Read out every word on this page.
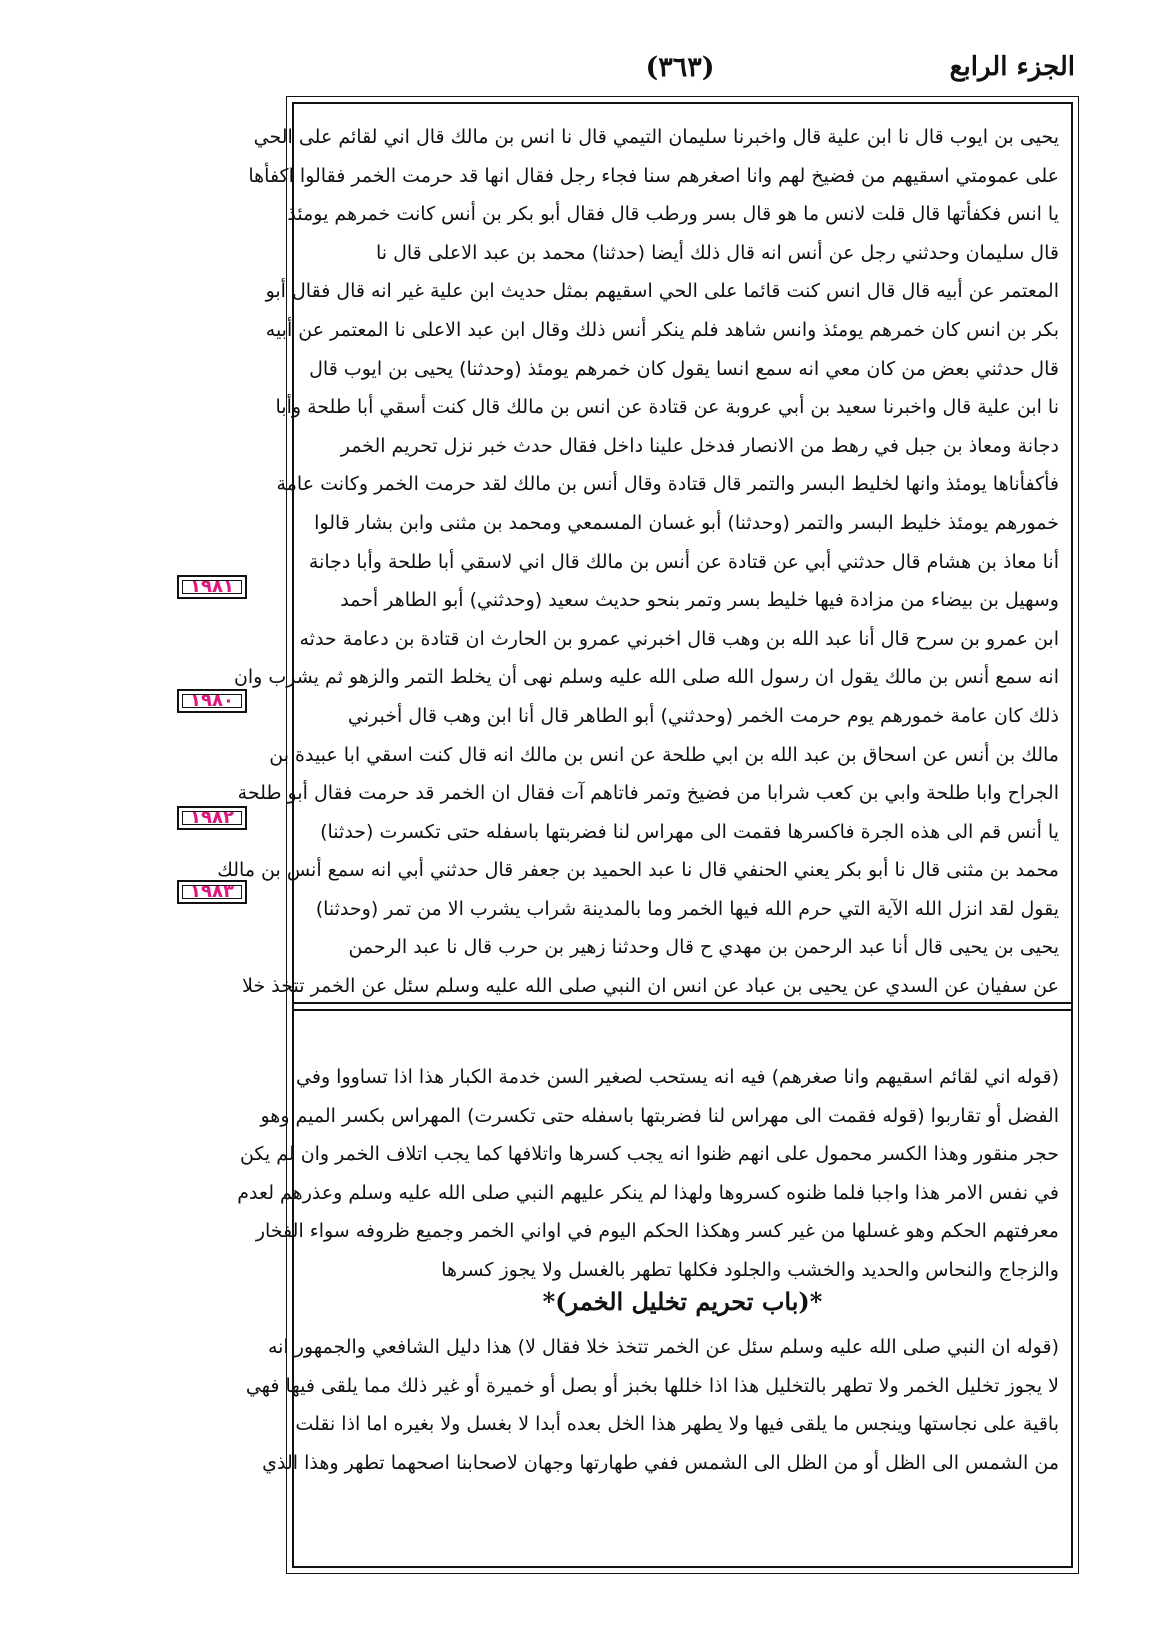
الجزء الرابع
(٣٦٣)
١٩٨١
١٩٨٠
١٩٨٢
١٩٨٣
يحيى بن ايوب قال نا ابن علية قال واخبرنا سليمان التيمي قال نا انس بن مالك قال اني لقائم على الحي
على عمومتي اسقيهم من فضيخ لهم وانا اصغرهم سنا فجاء رجل فقال انها قد حرمت الخمر فقالوا اكفأها
يا انس فكفأتها قال قلت لانس ما هو قال بسر ورطب قال فقال أبو بكر بن أنس كانت خمرهم يومئذ
قال سليمان وحدثني رجل عن أنس انه قال ذلك أيضا (حدثنا) محمد بن عبد الاعلى قال نا
المعتمر عن أبيه قال قال انس كنت قائما على الحي اسقيهم بمثل حديث ابن علية غير انه قال فقال أبو
بكر بن انس كان خمرهم يومئذ وانس شاهد فلم ينكر أنس ذلك وقال ابن عبد الاعلى نا المعتمر عن أبيه
قال حدثني بعض من كان معي انه سمع انسا يقول كان خمرهم يومئذ (وحدثنا) يحيى بن ايوب قال
نا ابن علية قال واخبرنا سعيد بن أبي عروبة عن قتادة عن انس بن مالك قال كنت أسقي أبا طلحة وأبا
دجانة ومعاذ بن جبل في رهط من الانصار فدخل علينا داخل فقال حدث خبر نزل تحريم الخمر
فأكفأناها يومئذ وانها لخليط البسر والتمر قال قتادة وقال أنس بن مالك لقد حرمت الخمر وكانت عامة
خمورهم يومئذ خليط البسر والتمر (وحدثنا) أبو غسان المسمعي ومحمد بن مثنى وابن بشار قالوا
أنا معاذ بن هشام قال حدثني أبي عن قتادة عن أنس بن مالك قال اني لاسقي أبا طلحة وأبا دجانة
وسهيل بن بيضاء من مزادة فيها خليط بسر وتمر بنحو حديث سعيد (وحدثني) أبو الطاهر أحمد
ابن عمرو بن سرح قال أنا عبد الله بن وهب قال اخبرني عمرو بن الحارث ان قتادة بن دعامة حدثه
انه سمع أنس بن مالك يقول ان رسول الله صلى الله عليه وسلم نهى أن يخلط التمر والزهو ثم يشرب وان
ذلك كان عامة خمورهم يوم حرمت الخمر (وحدثني) أبو الطاهر قال أنا ابن وهب قال أخبرني
مالك بن أنس عن اسحاق بن عبد الله بن ابي طلحة عن انس بن مالك انه قال كنت اسقي ابا عبيدة بن
الجراح وابا طلحة وابي بن كعب شرابا من فضيخ وتمر فاتاهم آت فقال ان الخمر قد حرمت فقال أبو طلحة
يا أنس قم الى هذه الجرة فاكسرها فقمت الى مهراس لنا فضربتها باسفله حتى تكسرت (حدثنا)
محمد بن مثنى قال نا أبو بكر يعني الحنفي قال نا عبد الحميد بن جعفر قال حدثني أبي انه سمع أنس بن مالك
يقول لقد انزل الله الآية التي حرم الله فيها الخمر وما بالمدينة شراب يشرب الا من تمر (وحدثنا)
يحيى بن يحيى قال أنا عبد الرحمن بن مهدي ح قال وحدثنا زهير بن حرب قال نا عبد الرحمن
عن سفيان عن السدي عن يحيى بن عباد عن انس ان النبي صلى الله عليه وسلم سئل عن الخمر تتخذ خلا
(قوله اني لقائم اسقيهم وانا صغرهم) فيه انه يستحب لصغير السن خدمة الكبار هذا اذا تساووا وفي
الفضل أو تقاربوا (قوله فقمت الى مهراس لنا فضربتها باسفله حتى تكسرت) المهراس بكسر الميم وهو
حجر منقور وهذا الكسر محمول على انهم ظنوا انه يجب كسرها واتلافها كما يجب اتلاف الخمر وان لم يكن
في نفس الامر هذا واجبا فلما ظنوه كسروها ولهذا لم ينكر عليهم النبي صلى الله عليه وسلم وعذرهم لعدم
معرفتهم الحكم وهو غسلها من غير كسر وهكذا الحكم اليوم في اواني الخمر وجميع ظروفه سواء الفخار
والزجاج والنحاس والحديد والخشب والجلود فكلها تطهر بالغسل ولا يجوز كسرها
*(باب تحريم تخليل الخمر)*
(قوله ان النبي صلى الله عليه وسلم سئل عن الخمر تتخذ خلا فقال لا) هذا دليل الشافعي والجمهور انه
لا يجوز تخليل الخمر ولا تطهر بالتخليل هذا اذا خللها بخبز أو بصل أو خميرة أو غير ذلك مما يلقى فيها فهي
باقية على نجاستها وينجس ما يلقى فيها ولا يطهر هذا الخل بعده أبدا لا بغسل ولا بغيره اما اذا نقلت
من الشمس الى الظل أو من الظل الى الشمس ففي طهارتها وجهان لاصحابنا اصحهما تطهر وهذا الذي
